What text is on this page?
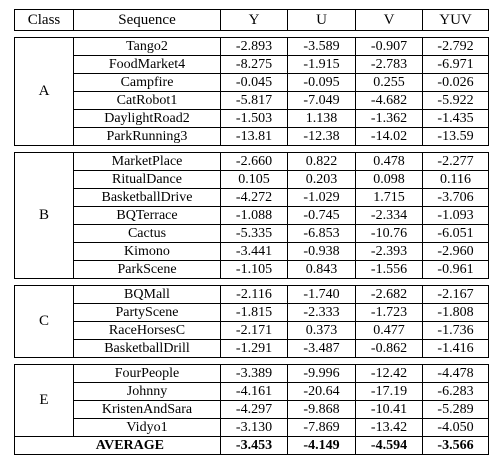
Class	Sequence	Y	U	V	YUV

A	Tango2	-2.893	-3.589	-0.907	-2.792
	FoodMarket4	-8.275	-1.915	-2.783	-6.971
	Campfire	-0.045	-0.095	0.255	-0.026
	CatRobot1	-5.817	-7.049	-4.682	-5.922
	DaylightRoad2	-1.503	1.138	-1.362	-1.435
	ParkRunning3	-13.81	-12.38	-14.02	-13.59

B	MarketPlace	-2.660	0.822	0.478	-2.277
	RitualDance	0.105	0.203	0.098	0.116
	BasketballDrive	-4.272	-1.029	1.715	-3.706
	BQTerrace	-1.088	-0.745	-2.334	-1.093
	Cactus	-5.335	-6.853	-10.76	-6.051
	Kimono	-3.441	-0.938	-2.393	-2.960
	ParkScene	-1.105	0.843	-1.556	-0.961

C	BQMall	-2.116	-1.740	-2.682	-2.167
	PartyScene	-1.815	-2.333	-1.723	-1.808
	RaceHorsesC	-2.171	0.373	0.477	-1.736
	BasketballDrill	-1.291	-3.487	-0.862	-1.416

E	FourPeople	-3.389	-9.996	-12.42	-4.478
	Johnny	-4.161	-20.64	-17.19	-6.283
	KristenAndSara	-4.297	-9.868	-10.41	-5.289
	Vidyo1	-3.130	-7.869	-13.42	-4.050
AVERAGE		-3.453	-4.149	-4.594	-3.566
